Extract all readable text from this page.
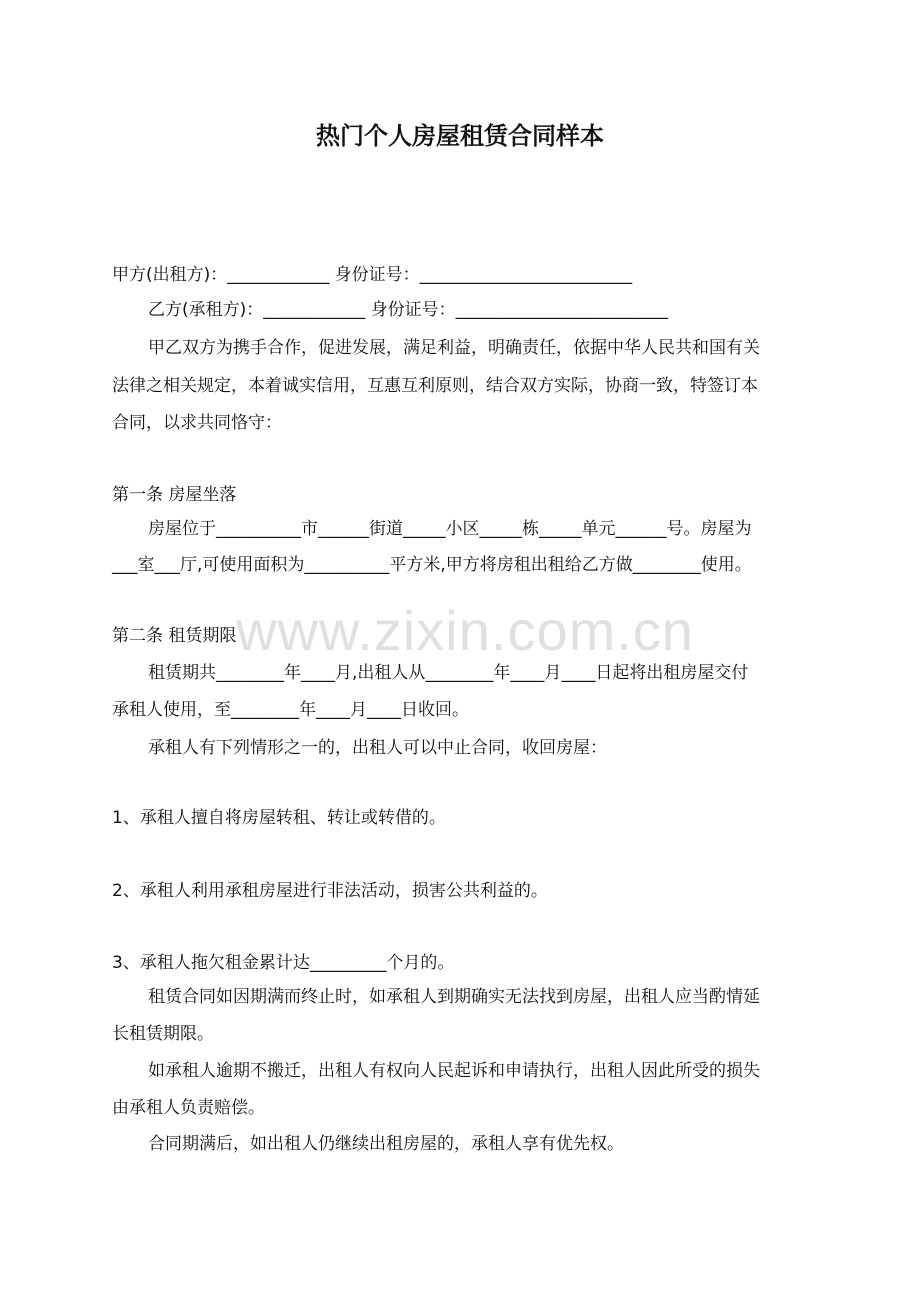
热门个人房屋租赁合同样本
甲方(出租方)：____________ 身份证号：_________________________
乙方(承租方)：____________ 身份证号：_________________________
甲乙双方为携手合作，促进发展，满足利益，明确责任，依据中华人民共和国有关
法律之相关规定，本着诚实信用，互惠互利原则，结合双方实际，协商一致，特签订本
合同，以求共同恪守：
第一条 房屋坐落
房屋位于__________市______街道_____小区_____栋_____单元______号。房屋为
___室___厅,可使用面积为__________平方米,甲方将房租出租给乙方做________使用。
www.zixin.com.cn
第二条 租赁期限
租赁期共________年____月,出租人从________年____月____日起将出租房屋交付
承租人使用，至________年____月____日收回。
承租人有下列情形之一的，出租人可以中止合同，收回房屋：
1、承租人擅自将房屋转租、转让或转借的。
2、承租人利用承租房屋进行非法活动，损害公共利益的。
3、承租人拖欠租金累计达_________个月的。
租赁合同如因期满而终止时，如承租人到期确实无法找到房屋，出租人应当酌情延
长租赁期限。
如承租人逾期不搬迁，出租人有权向人民起诉和申请执行，出租人因此所受的损失
由承租人负责赔偿。
合同期满后，如出租人仍继续出租房屋的，承租人享有优先权。
